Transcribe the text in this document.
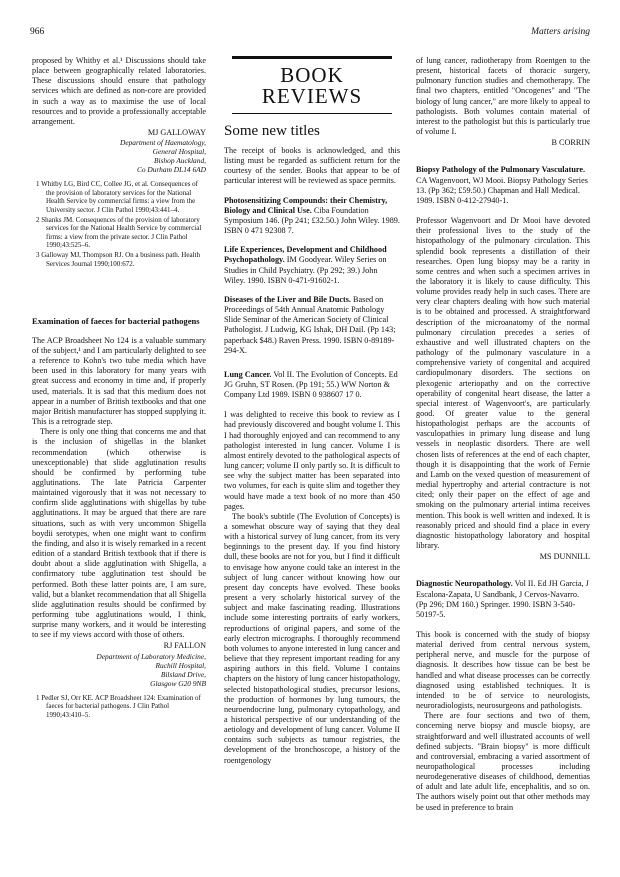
966	Matters arising

proposed by Whitby et al.¹ Discussions should take place between geographically related laboratories. These discussions should ensure that pathology services which are defined as non-core are provided in such a way as to maximise the use of local resources and to provide a professionally acceptable arrangement.

MJ GALLOWAY

Department of Haematology,
General Hospital,
Bishop Auckland,
Co Durham DL14 6AD
1 Whitby LG, Bird CC, Collee JG, et al. Consequences of the provision of laboratory services for the National Health Service by commercial firms: a view from the University sector. J Clin Pathol 1990;43:441–4.
2 Shanks JM. Consequences of the provision of laboratory services for the National Health Service by commercial firms: a view from the private sector. J Clin Pathol 1990;43:525–6.
3 Galloway MJ, Thompson RJ. On a business path. Health Services Journal 1990;100:672.

Examination of faeces for bacterial pathogens

The ACP Broadsheet No 124 is a valuable summary of the subject,¹ and I am particularly delighted to see a reference to Kohn's two tube media which have been used in this laboratory for many years with great success and economy in time and, if properly used, materials. It is sad that this medium does not appear in a number of British textbooks and that one major British manufacturer has stopped supplying it. This is a retrograde step.

There is only one thing that concerns me and that is the inclusion of shigellas in the blanket recommendation (which otherwise is unexceptionable) that slide agglutination results should be confirmed by performing tube agglutinations. The late Patricia Carpenter maintained vigorously that it was not necessary to confirm slide agglutinations with shigellas by tube agglutinations. It may be argued that there are rare situations, such as with very uncommon Shigella boydii serotypes, when one might want to confirm the finding, and also it is wisely remarked in a recent edition of a standard British textbook that if there is doubt about a slide agglutination with Shigella, a confirmatory tube agglutination test should be performed. Both these latter points are, I am sure, valid, but a blanket recommendation that all Shigella slide agglutination results should be confirmed by performing tube agglutinations would, I think, surprise many workers, and it would be interesting to see if my views accord with those of others.

RJ FALLON

Department of Laboratory Medicine,
Ruchill Hospital,
Bilsland Drive,
Glasgow G20 9NB
1 Pedler SJ, Orr KE. ACP Broadsheet 124: Examination of faeces for bacterial pathogens. J Clin Pathol 1990;43:410–5.
BOOK REVIEWS

Some new titles

The receipt of books is acknowledged, and this listing must be regarded as sufficient return for the courtesy of the sender. Books that appear to be of particular interest will be reviewed as space permits.

Photosensitizing Compounds: their Chemistry, Biology and Clinical Use. Ciba Foundation Symposium 146. (Pp 241; £32.50.) John Wiley. 1989. ISBN 0 471 92308 7.

Life Experiences, Development and Childhood Psychopathology. IM Goodyear. Wiley Series on Studies in Child Psychiatry. (Pp 292; 39.) John Wiley. 1990. ISBN 0-471-91602-1.

Diseases of the Liver and Bile Ducts. Based on Proceedings of 54th Annual Anatomic Pathology Slide Seminar of the American Society of Clinical Pathologist. J Ludwig, KG Ishak, DH Dail. (Pp 143; paperback $48.) Raven Press. 1990. ISBN 0-89189-294-X.

Lung Cancer. Vol II. The Evolution of Concepts. Ed JG Gruhn, ST Rosen. (Pp 191; 55.) WW Norton & Company Ltd 1989. ISBN 0 938607 17 0.

I was delighted to receive this book to review as I had previously discovered and bought volume I. This I had thoroughly enjoyed and can recommend to any pathologist interested in lung cancer. Volume I is almost entirely devoted to the pathological aspects of lung cancer; volume II only partly so. It is difficult to see why the subject matter has been separated into two volumes, for each is quite slim and together they would have made a text book of no more than 450 pages.

The book's subtitle (The Evolution of Concepts) is a somewhat obscure way of saying that they deal with a historical survey of lung cancer, from its very beginnings to the present day. If you find history dull, these books are not for you, but I find it difficult to envisage how anyone could take an interest in the subject of lung cancer without knowing how our present day concepts have evolved. These books present a very scholarly historical survey of the subject and make fascinating reading. Illustrations include some interesting portraits of early workers, reproductions of original papers, and some of the early electron micrographs. I thoroughly recommend both volumes to anyone interested in lung cancer and believe that they represent important reading for any aspiring authors in this field. Volume I contains chapters on the history of lung cancer histopathology, selected histopathological studies, precursor lesions, the production of hormones by lung tumours, the neuroendocrine lung, pulmonary cytopathology, and a historical perspective of our understanding of the aetiology and development of lung cancer. Volume II contains such subjects as tumour registries, the development of the bronchoscope, a history of the roentgenology

of lung cancer, radiotherapy from Roentgen to the present, historical facets of thoracic surgery, pulmonary function studies and chemotherapy. The final two chapters, entitled "Oncogenes" and "The biology of lung cancer," are more likely to appeal to pathologists. Both volumes contain material of interest to the pathologist but this is particularly true of volume I.

B CORRIN

Biopsy Pathology of the Pulmonary Vasculature. CA Wagenvoort, WJ Mooi. Biopsy Pathology Series 13. (Pp 362; £59.50.) Chapman and Hall Medical. 1989. ISBN 0-412-27940-1.

Professor Wagenvoort and Dr Mooi have devoted their professional lives to the study of the histopathology of the pulmonary circulation. This splendid book represents a distillation of their researches. Open lung biopsy may be a rarity in some centres and when such a specimen arrives in the laboratory it is likely to cause difficulty. This volume provides ready help in such cases. There are very clear chapters dealing with how such material is to be obtained and processed. A straightforward description of the microanatomy of the normal pulmonary circulation precedes a series of exhaustive and well illustrated chapters on the pathology of the pulmonary vasculature in a comprehensive variety of congenital and acquired cardiopulmonary disorders. The sections on plexogenic arteriopathy and on the corrective operability of congenital heart disease, the latter a special interest of Wagenvoort's, are particularly good. Of greater value to the general histopathologist perhaps are the accounts of vasculopathies in primary lung disease and lung vessels in neoplastic disorders. There are well chosen lists of references at the end of each chapter, though it is disappointing that the work of Fernie and Lamb on the vexed question of measurement of medial hypertrophy and arterial contracture is not cited; only their paper on the effect of age and smoking on the pulmonary arterial intima receives mention. This book is well written and indexed. It is reasonably priced and should find a place in every diagnostic histopathology laboratory and hospital library.

MS DUNNILL

Diagnostic Neuropathology. Vol II. Ed JH Garcia, J Escalona-Zapata, U Sandbank, J Cervos-Navarro. (Pp 296; DM 160.) Springer. 1990. ISBN 3-540-50197-5.

This book is concerned with the study of biopsy material derived from central nervous system, peripheral nerve, and muscle for the purpose of diagnosis. It describes how tissue can be best be handled and what disease processes can be correctly diagnosed using established techniques. It is intended to be of service to neurologists, neuroradiologists, neurosurgeons and pathologists.

There are four sections and two of them, concerning nerve biopsy and muscle biopsy, are straightforward and well illustrated accounts of well defined subjects. "Brain biopsy" is more difficult and controversial, embracing a varied assortment of neuropathological processes including neurodegenerative diseases of childhood, dementias of adult and late adult life, encephalitis, and so on. The authors wisely point out that other methods may be used in preference to brain
